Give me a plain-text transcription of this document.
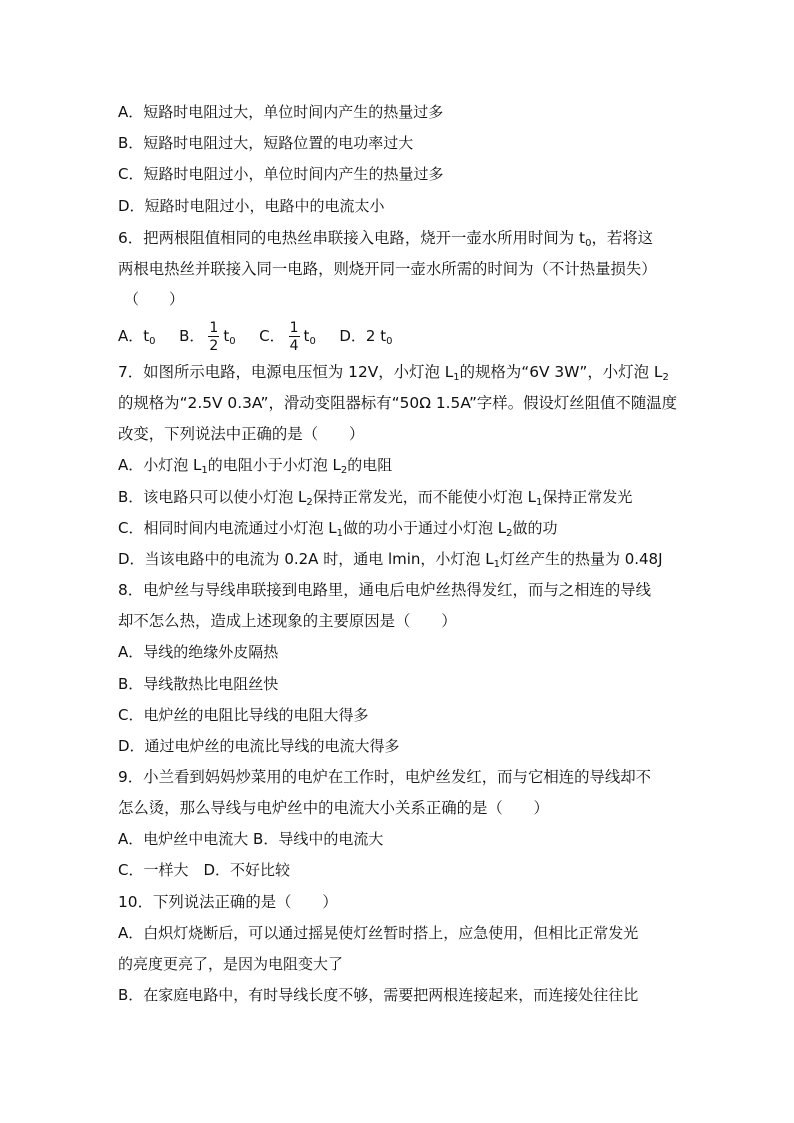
A．短路时电阻过大，单位时间内产生的热量过多
B．短路时电阻过大，短路位置的电功率过大
C．短路时电阻过小，单位时间内产生的热量过多
D．短路时电阻过小，电路中的电流太小
6．把两根阻值相同的电热丝串联接入电路，烧开一壶水所用时间为 $t_0$，若将这
两根电热丝并联接入同一电路，则烧开同一壶水所需的时间为（不计热量损失）
（　　）
A．$t_0$ B． $\frac{1}{2} t_0$ C． $\frac{1}{4} t_0$ D．2 $t_0$
7．如图所示电路，电源电压恒为 12V，小灯泡 $L_1$的规格为“6V 3W”，小灯泡 $L_2$
的规格为“2.5V 0.3A”，滑动变阻器标有“50Ω 1.5A”字样。假设灯丝阻值不随温度
改变，下列说法中正确的是（　　）
A．小灯泡 $L_1$的电阻小于小灯泡 $L_2$的电阻
B．该电路只可以使小灯泡 $L_2$保持正常发光，而不能使小灯泡 $L_1$保持正常发光
C．相同时间内电流通过小灯泡 $L_1$做的功小于通过小灯泡 $L_2$做的功
D．当该电路中的电流为 0.2A 时，通电 lmin，小灯泡 $L_1$灯丝产生的热量为 0.48J
8．电炉丝与导线串联接到电路里，通电后电炉丝热得发红，而与之相连的导线
却不怎么热，造成上述现象的主要原因是（　　）
A．导线的绝缘外皮隔热
B．导线散热比电阻丝快
C．电炉丝的电阻比导线的电阻大得多
D．通过电炉丝的电流比导线的电流大得多
9．小兰看到妈妈炒菜用的电炉在工作时，电炉丝发红，而与它相连的导线却不
怎么烫，那么导线与电炉丝中的电流大小关系正确的是（　　）
A．电炉丝中电流大 B．导线中的电流大
C．一样大　D．不好比较
10．下列说法正确的是（　　）
A．白炽灯烧断后，可以通过摇晃使灯丝暂时搭上，应急使用，但相比正常发光
的亮度更亮了，是因为电阻变大了
B．在家庭电路中，有时导线长度不够，需要把两根连接起来，而连接处往往比
